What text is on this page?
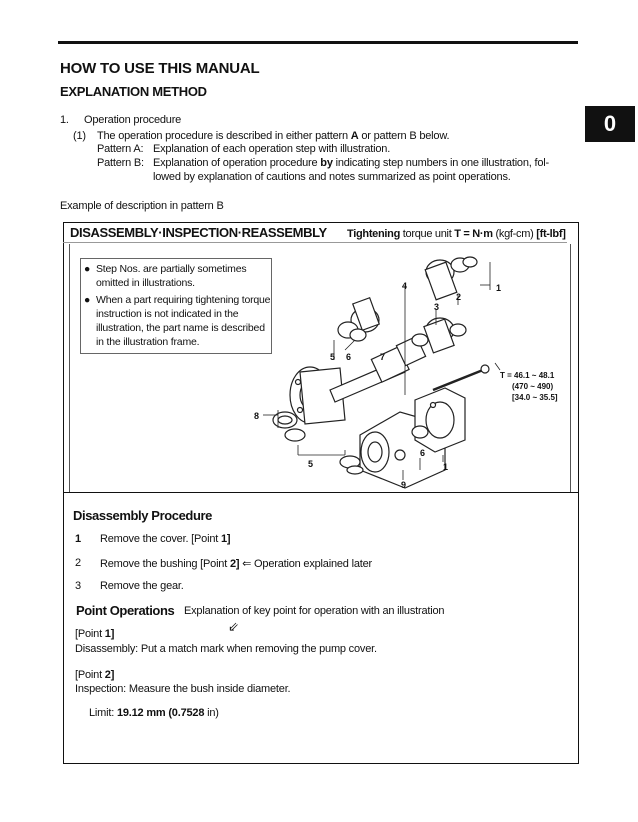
HOW TO USE THIS MANUAL
EXPLANATION METHOD
0
1. Operation procedure
(1) The operation procedure is described in either pattern A or pattern B below.
Pattern A: Explanation of each operation step with illustration.
Pattern B: Explanation of operation procedure by indicating step numbers in one illustration, fol-
lowed by explanation of cautions and notes summarized as point operations.
Example of description in pattern B
DISASSEMBLY·INSPECTION·REASSEMBLY Tightening torque unit T = N·m (kgf-cm) [ft-lbf]
● Step Nos. are partially sometimes omitted in illustrations.
● When a part requiring tightening torque instruction is not indicated in the illustration, the part name is described in the illustration frame.
1
2
3
4
5 6	7
8
5
9
1
6
T = 46.1 ~ 48.1
(470 ~ 490)
[34.0 ~ 35.5]
Disassembly Procedure
1 Remove the cover. [Point 1]
2 Remove the bushing [Point 2] ⇐ Operation explained later
3 Remove the gear.
Point Operations Explanation of key point for operation with an illustration
⇙
[Point 1]
Disassembly: Put a match mark when removing the pump cover.
[Point 2]
Inspection: Measure the bush inside diameter.
Limit: 19.12 mm (0.7528 in)
